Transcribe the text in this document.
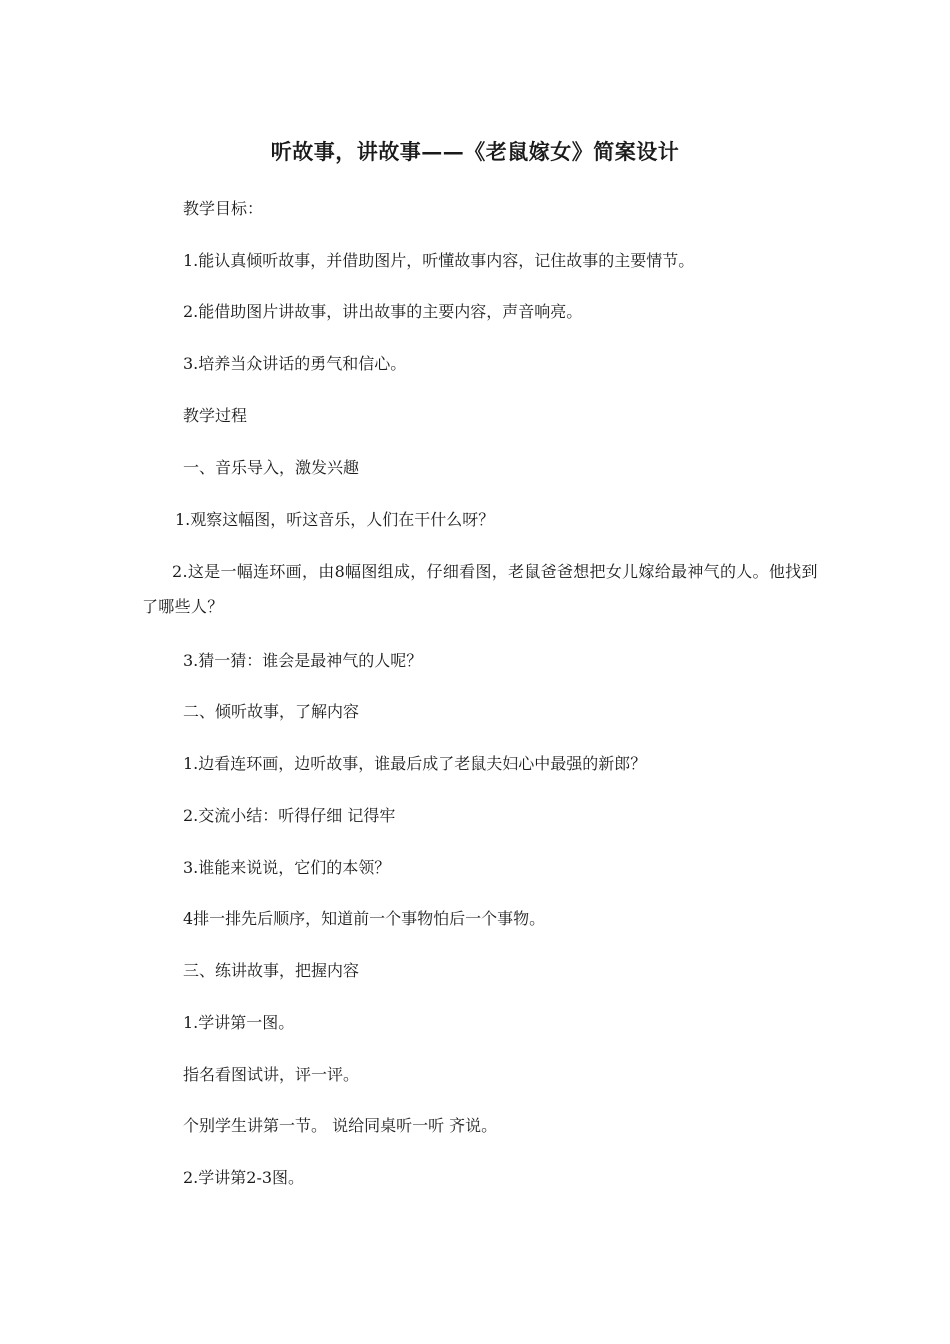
听故事，讲故事——《老鼠嫁女》简案设计
教学目标：
1.能认真倾听故事，并借助图片，听懂故事内容，记住故事的主要情节。
2.能借助图片讲故事，讲出故事的主要内容，声音响亮。
3.培养当众讲话的勇气和信心。
教学过程
一、音乐导入，激发兴趣
1.观察这幅图，听这音乐，人们在干什么呀？
2.这是一幅连环画，由8幅图组成，仔细看图，老鼠爸爸想把女儿嫁给最神气的人。他找到了哪些人？
3.猜一猜：谁会是最神气的人呢？
二、倾听故事，了解内容
1.边看连环画，边听故事，谁最后成了老鼠夫妇心中最强的新郎？
2.交流小结：听得仔细 记得牢
3.谁能来说说，它们的本领？
4排一排先后顺序，知道前一个事物怕后一个事物。
三、练讲故事，把握内容
1.学讲第一图。
指名看图试讲，评一评。
个别学生讲第一节。 说给同桌听一听 齐说。
2.学讲第2-3图。
